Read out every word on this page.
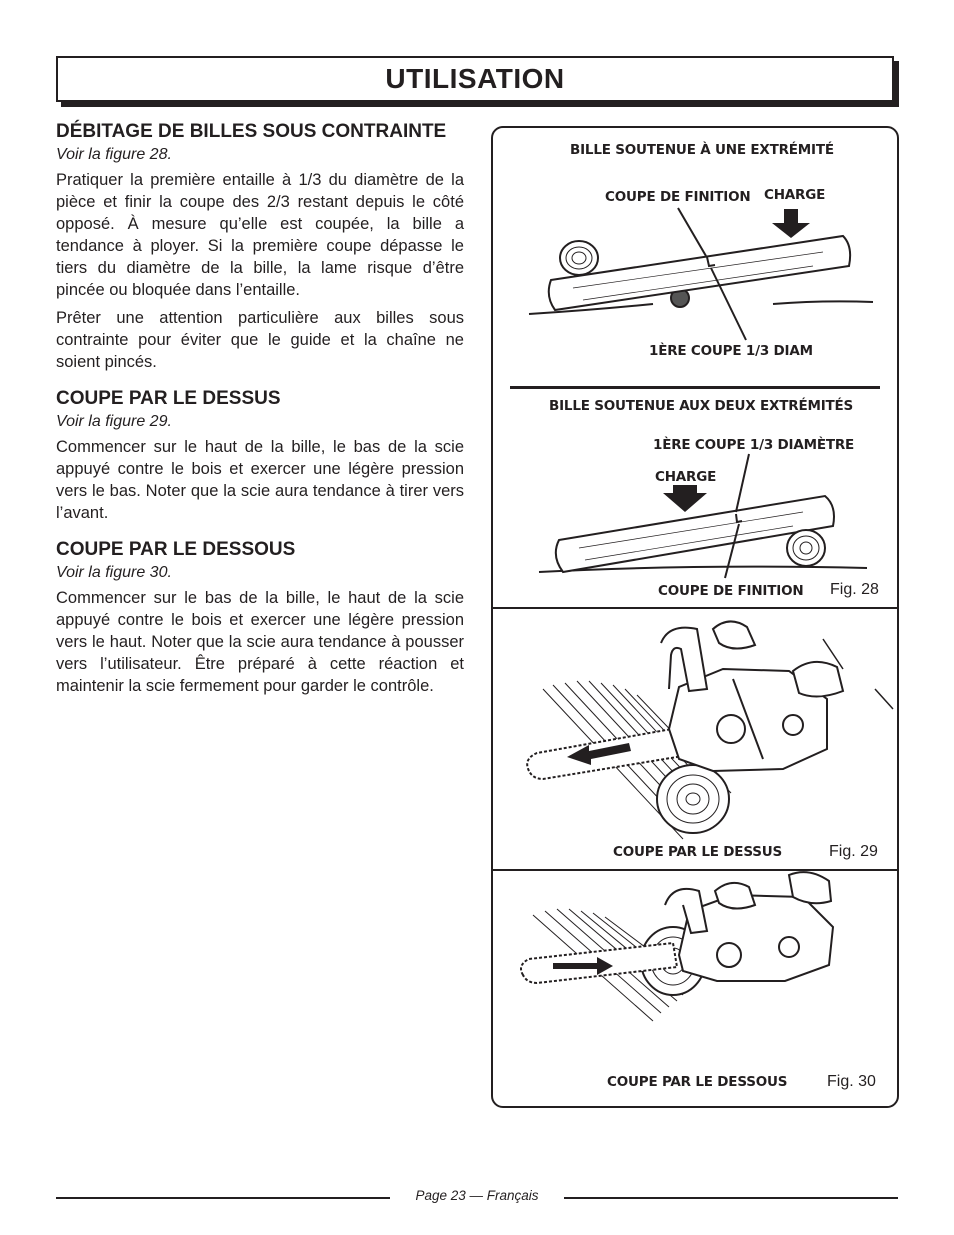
UTILISATION
DÉBITAGE DE BILLES SOUS CONTRAINTE
Voir la figure 28.

Pratiquer la première entaille à 1/3 du diamètre de la pièce et finir la coupe des 2/3 restant depuis le côté opposé. À mesure qu’elle est coupée, la bille a tendance à ployer. Si la première coupe dépasse le tiers du diamètre de la bille, la lame risque d’être pincée ou bloquée dans l’entaille.

Prêter une attention particulière aux billes sous contrainte pour éviter que le guide et la chaîne ne soient pincés.

COUPE PAR LE DESSUS
Voir la figure 29.

Commencer sur le haut de la bille, le bas de la scie appuyé contre le bois et exercer une légère pression vers le bas. Noter que la scie aura tendance à tirer vers l’avant.

COUPE PAR LE DESSOUS
Voir la figure 30.

Commencer sur le bas de la bille, le haut de la scie appuyé contre le bois et exercer une légère pression vers le haut. Noter que la scie aura tendance à pousser vers l’utilisateur. Être préparé à cette réaction et maintenir la scie fermement pour garder le contrôle.

BILLE SOUTENUE À UNE EXTRÉMITÉ
COUPE DE FINITION CHARGE
1ÈRE COUPE 1/3 DIAM
BILLE SOUTENUE AUX DEUX EXTRÉMITÉS
1ÈRE COUPE 1/3 DIAMÈTRE
CHARGE
COUPE DE FINITION Fig. 28
COUPE PAR LE DESSUS	Fig. 29
COUPE PAR LE DESSOUS Fig. 30
Page 23 — Français
